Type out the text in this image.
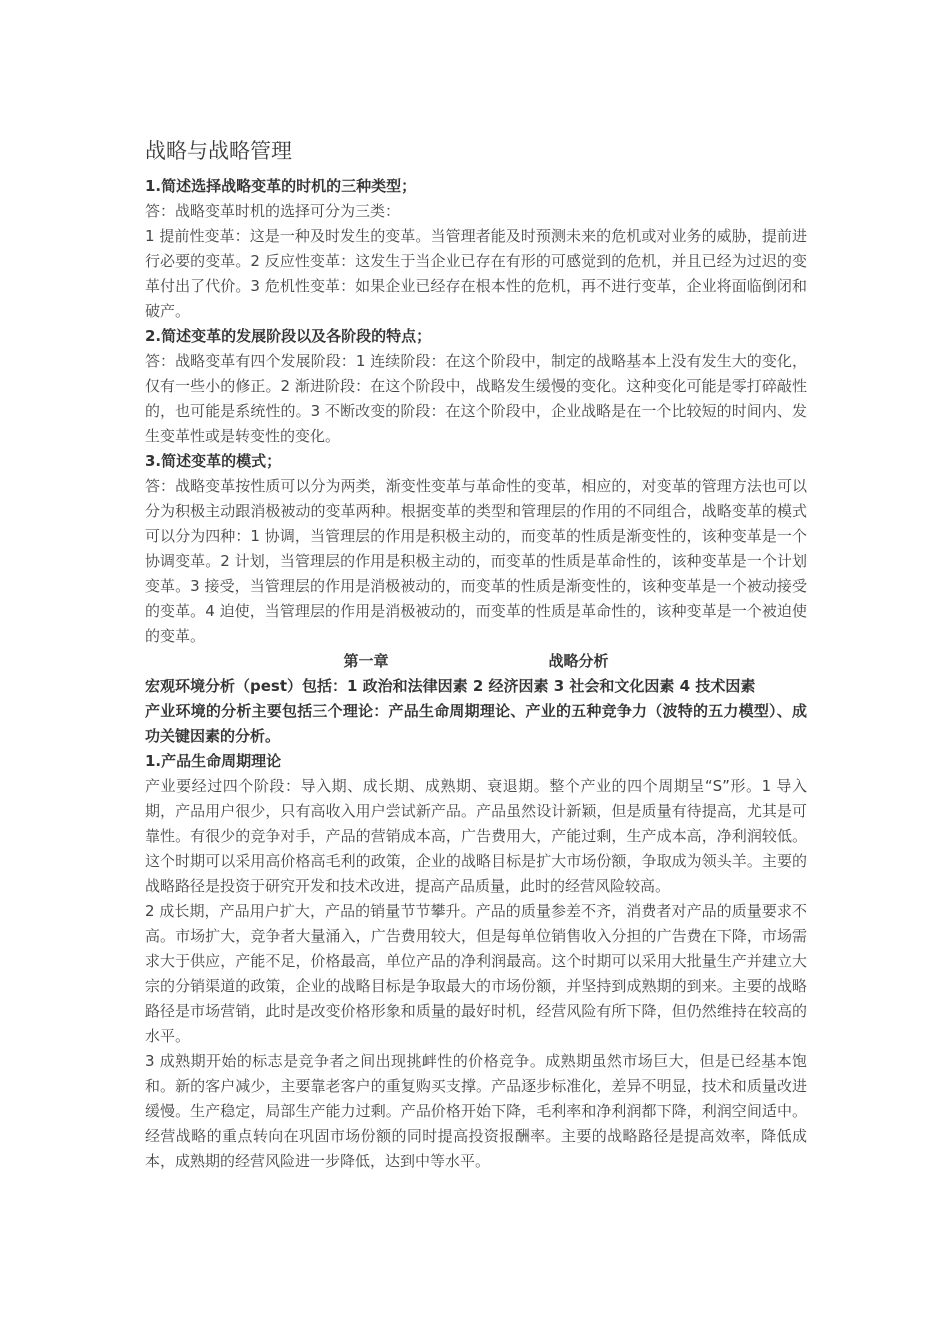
战略与战略管理

1.简述选择战略变革的时机的三种类型；

答：战略变革时机的选择可分为三类：

1 提前性变革：这是一种及时发生的变革。当管理者能及时预测未来的危机或对业务的威胁，提前进行必要的变革。2 反应性变革：这发生于当企业已存在有形的可感觉到的危机，并且已经为过迟的变革付出了代价。3 危机性变革：如果企业已经存在根本性的危机，再不进行变革，企业将面临倒闭和破产。

2.简述变革的发展阶段以及各阶段的特点；

答：战略变革有四个发展阶段：1 连续阶段：在这个阶段中，制定的战略基本上没有发生大的变化，仅有一些小的修正。2 渐进阶段：在这个阶段中，战略发生缓慢的变化。这种变化可能是零打碎敲性的，也可能是系统性的。3 不断改变的阶段：在这个阶段中，企业战略是在一个比较短的时间内、发生变革性或是转变性的变化。

3.简述变革的模式；

答：战略变革按性质可以分为两类，渐变性变革与革命性的变革，相应的，对变革的管理方法也可以分为积极主动跟消极被动的变革两种。根据变革的类型和管理层的作用的不同组合，战略变革的模式可以分为四种：1 协调，当管理层的作用是积极主动的，而变革的性质是渐变性的，该种变革是一个协调变革。2 计划，当管理层的作用是积极主动的，而变革的性质是革命性的，该种变革是一个计划变革。3 接受，当管理层的作用是消极被动的，而变革的性质是渐变性的，该种变革是一个被动接受的变革。4 迫使，当管理层的作用是消极被动的，而变革的性质是革命性的，该种变革是一个被迫使的变革。

第一章	战略分析

宏观环境分析（pest）包括：1 政治和法律因素 2 经济因素 3 社会和文化因素 4 技术因素

产业环境的分析主要包括三个理论：产品生命周期理论、产业的五种竞争力（波特的五力模型）、成功关键因素的分析。

1.产品生命周期理论

产业要经过四个阶段：导入期、成长期、成熟期、衰退期。整个产业的四个周期呈“S”形。1 导入期，产品用户很少，只有高收入用户尝试新产品。产品虽然设计新颖，但是质量有待提高，尤其是可靠性。有很少的竞争对手，产品的营销成本高，广告费用大，产能过剩，生产成本高，净利润较低。这个时期可以采用高价格高毛利的政策，企业的战略目标是扩大市场份额，争取成为领头羊。主要的战略路径是投资于研究开发和技术改进，提高产品质量，此时的经营风险较高。

2 成长期，产品用户扩大，产品的销量节节攀升。产品的质量参差不齐，消费者对产品的质量要求不高。市场扩大，竞争者大量涌入，广告费用较大，但是每单位销售收入分担的广告费在下降，市场需求大于供应，产能不足，价格最高，单位产品的净利润最高。这个时期可以采用大批量生产并建立大宗的分销渠道的政策，企业的战略目标是争取最大的市场份额，并坚持到成熟期的到来。主要的战略路径是市场营销，此时是改变价格形象和质量的最好时机，经营风险有所下降，但仍然维持在较高的水平。

3 成熟期开始的标志是竞争者之间出现挑衅性的价格竞争。成熟期虽然市场巨大，但是已经基本饱和。新的客户减少，主要靠老客户的重复购买支撑。产品逐步标准化，差异不明显，技术和质量改进缓慢。生产稳定，局部生产能力过剩。产品价格开始下降，毛利率和净利润都下降，利润空间适中。经营战略的重点转向在巩固市场份额的同时提高投资报酬率。主要的战略路径是提高效率，降低成本，成熟期的经营风险进一步降低，达到中等水平。
